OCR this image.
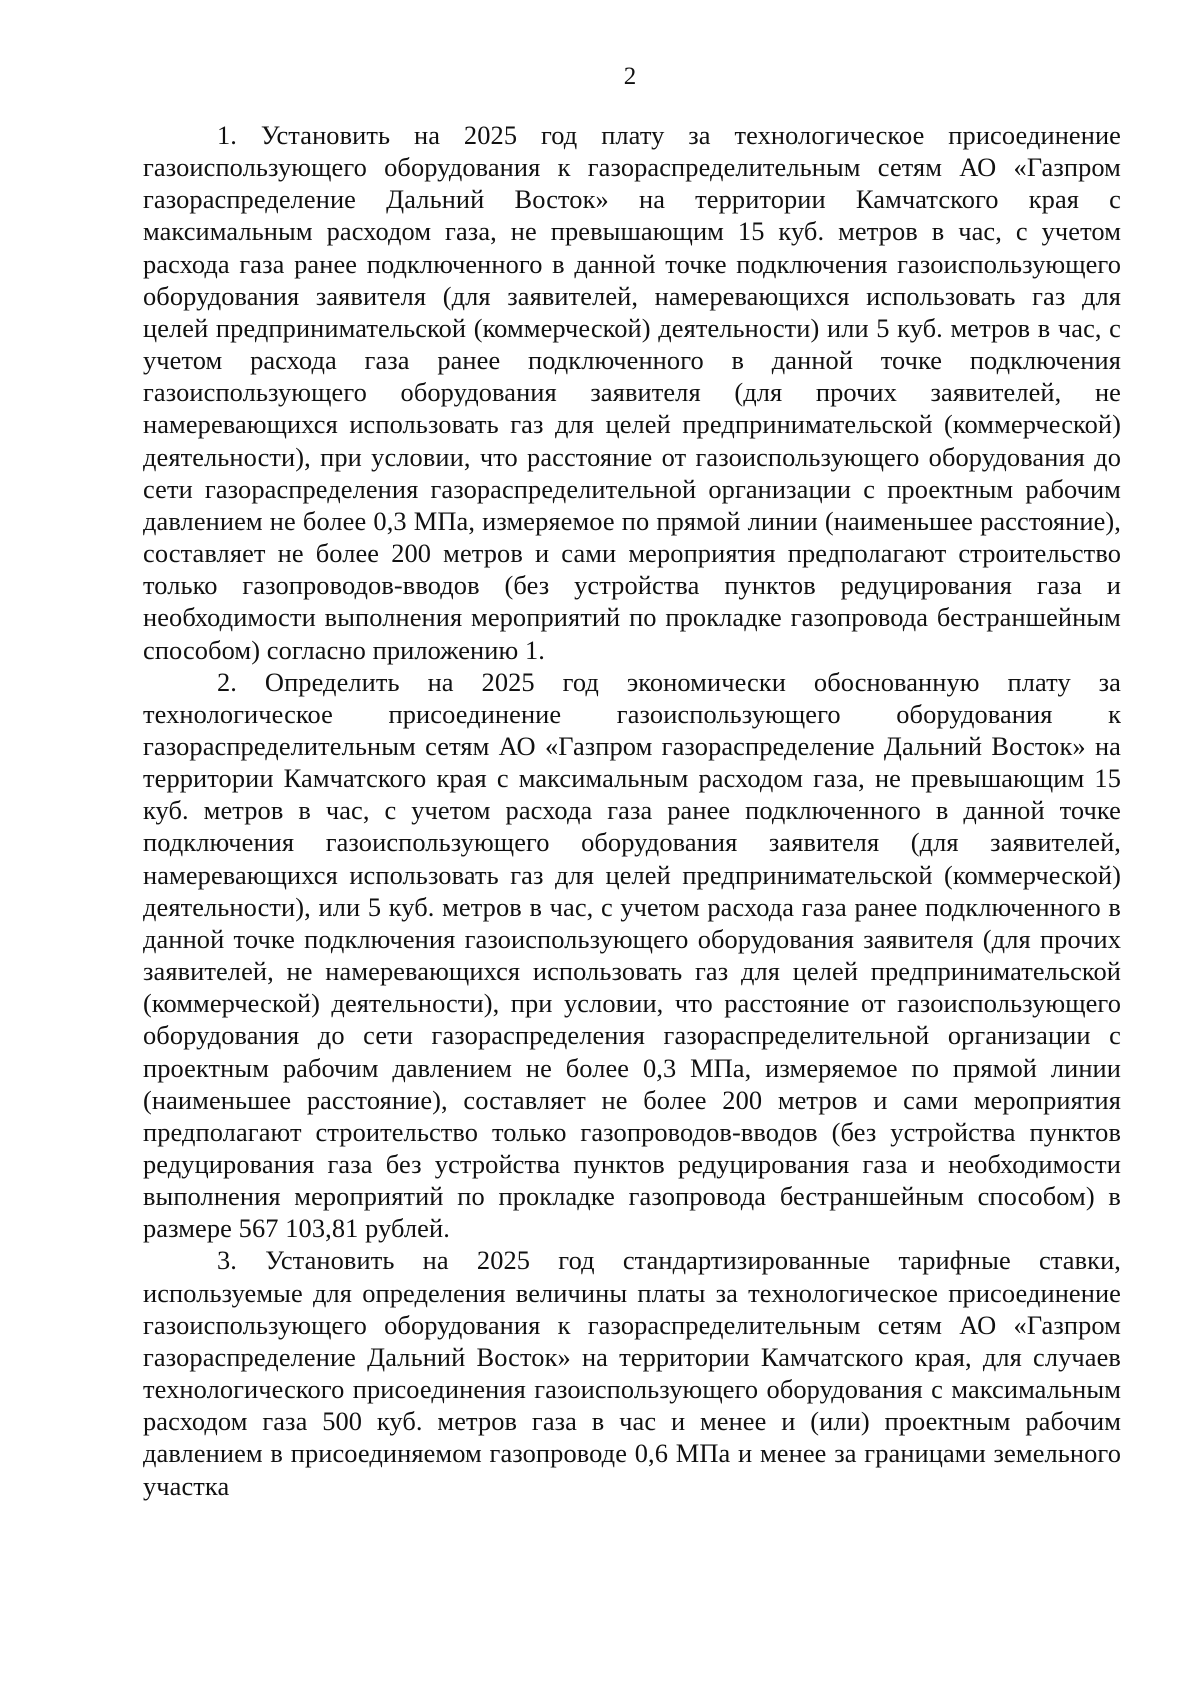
2

1. Установить на 2025 год плату за технологическое присоединение газоиспользующего оборудования к газораспределительным сетям АО «Газпром газораспределение Дальний Восток» на территории Камчатского края с максимальным расходом газа, не превышающим 15 куб. метров в час, с учетом расхода газа ранее подключенного в данной точке подключения газоиспользующего оборудования заявителя (для заявителей, намеревающихся использовать газ для целей предпринимательской (коммерческой) деятельности) или 5 куб. метров в час, с учетом расхода газа ранее подключенного в данной точке подключения газоиспользующего оборудования заявителя (для прочих заявителей, не намеревающихся использовать газ для целей предпринимательской (коммерческой) деятельности), при условии, что расстояние от газоиспользующего оборудования до сети газораспределения газораспределительной организации с проектным рабочим давлением не более 0,3 МПа, измеряемое по прямой линии (наименьшее расстояние), составляет не более 200 метров и сами мероприятия предполагают строительство только газопроводов-вводов (без устройства пунктов редуцирования газа и необходимости выполнения мероприятий по прокладке газопровода бестраншейным способом) согласно приложению 1.

2. Определить на 2025 год экономически обоснованную плату за технологическое присоединение газоиспользующего оборудования к газораспределительным сетям АО «Газпром газораспределение Дальний Восток» на территории Камчатского края с максимальным расходом газа, не превышающим 15 куб. метров в час, с учетом расхода газа ранее подключенного в данной точке подключения газоиспользующего оборудования заявителя (для заявителей, намеревающихся использовать газ для целей предпринимательской (коммерческой) деятельности), или 5 куб. метров в час, с учетом расхода газа ранее подключенного в данной точке подключения газоиспользующего оборудования заявителя (для прочих заявителей, не намеревающихся использовать газ для целей предпринимательской (коммерческой) деятельности), при условии, что расстояние от газоиспользующего оборудования до сети газораспределения газораспределительной организации с проектным рабочим давлением не более 0,3 МПа, измеряемое по прямой линии (наименьшее расстояние), составляет не более 200 метров и сами мероприятия предполагают строительство только газопроводов-вводов (без устройства пунктов редуцирования газа без устройства пунктов редуцирования газа и необходимости выполнения мероприятий по прокладке газопровода бестраншейным способом) в размере 567 103,81 рублей.

3. Установить на 2025 год стандартизированные тарифные ставки, используемые для определения величины платы за технологическое присоединение газоиспользующего оборудования к газораспределительным сетям АО «Газпром газораспределение Дальний Восток» на территории Камчатского края, для случаев технологического присоединения газоиспользующего оборудования с максимальным расходом газа 500 куб. метров газа в час и менее и (или) проектным рабочим давлением в присоединяемом газопроводе 0,6 МПа и менее за границами земельного участка
